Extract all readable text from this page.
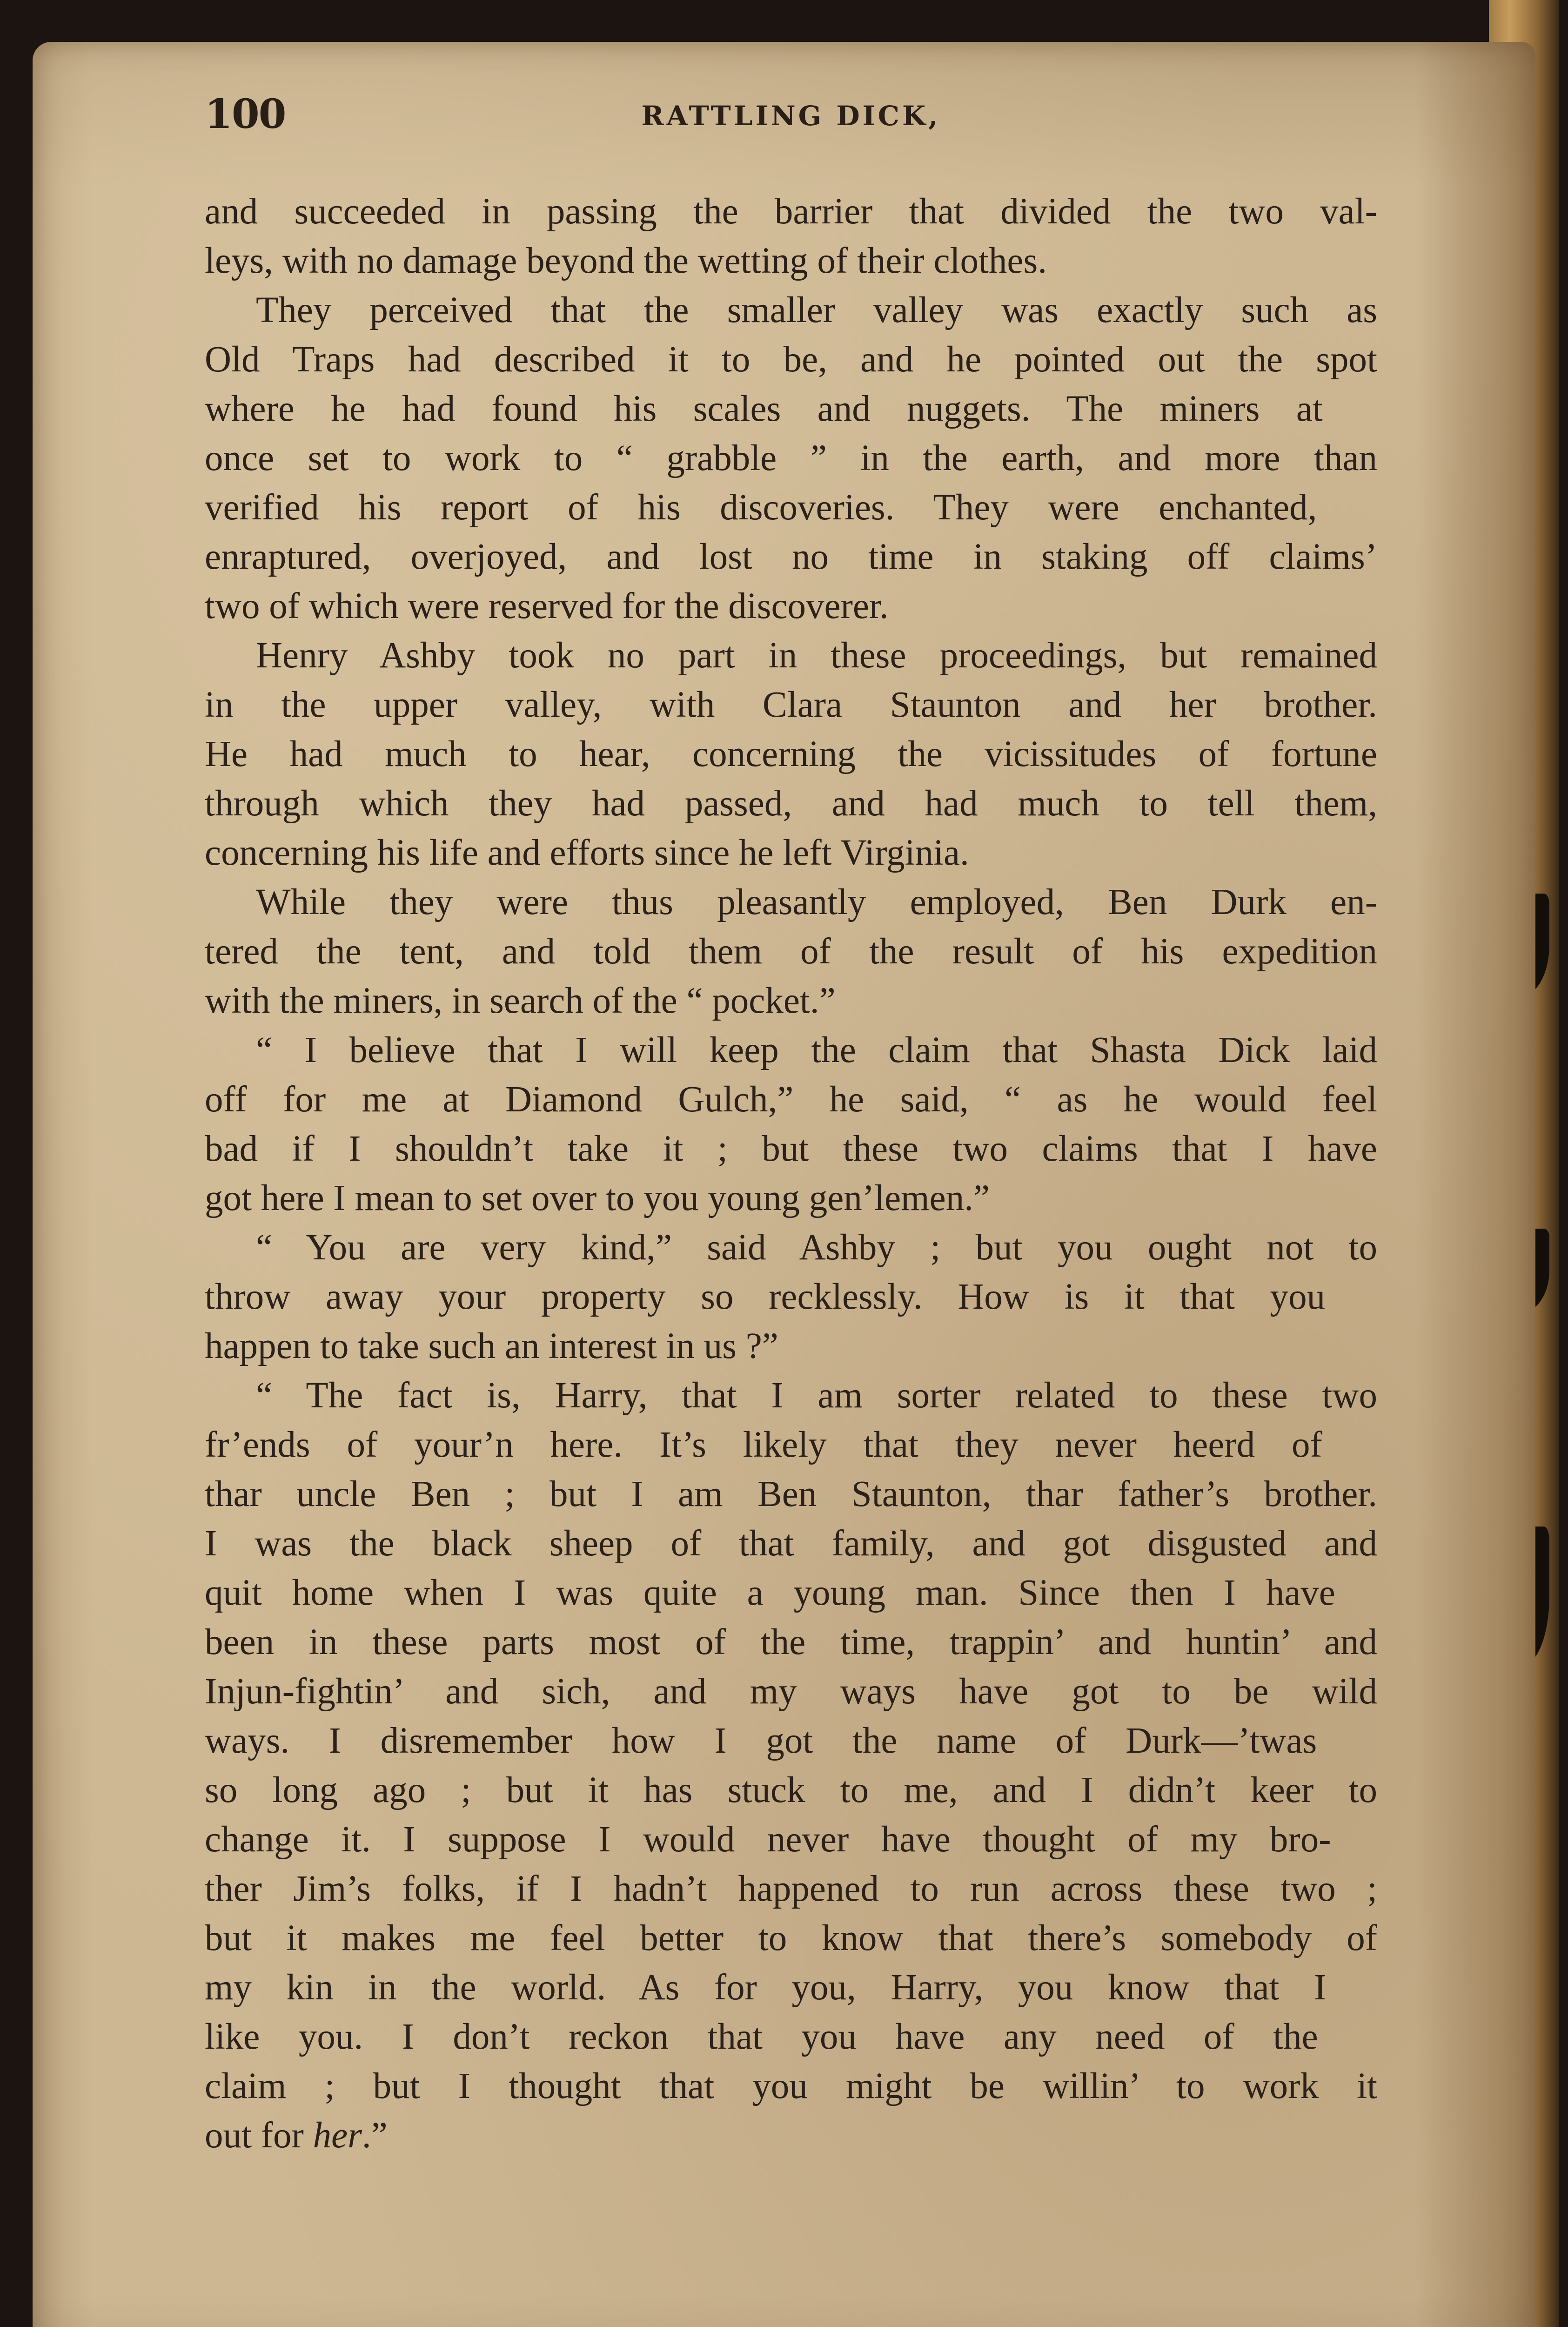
100	RATTLING DICK,
and succeeded in passing the barrier that divided the two val-
leys, with no damage beyond the wetting of their clothes.
They perceived that the smaller valley was exactly such as
Old Traps had described it to be, and he pointed out the spot
where he had found his scales and nuggets. The miners at
once set to work to “ grabble ” in the earth, and more than
verified his report of his discoveries. They were enchanted,
enraptured, overjoyed, and lost no time in staking off claims’
two of which were reserved for the discoverer.
Henry Ashby took no part in these proceedings, but remained
in the upper valley, with Clara Staunton and her brother.
He had much to hear, concerning the vicissitudes of fortune
through which they had passed, and had much to tell them,
concerning his life and efforts since he left Virginia.
While they were thus pleasantly employed, Ben Durk en-
tered the tent, and told them of the result of his expedition
with the miners, in search of the “ pocket.”
“ I believe that I will keep the claim that Shasta Dick laid
off for me at Diamond Gulch,” he said, “ as he would feel
bad if I shouldn’t take it ; but these two claims that I have
got here I mean to set over to you young gen’lemen.”
“ You are very kind,” said Ashby ; but you ought not to
throw away your property so recklessly. How is it that you
happen to take such an interest in us ?”
“ The fact is, Harry, that I am sorter related to these two
fr’ends of your’n here. It’s likely that they never heerd of
thar uncle Ben ; but I am Ben Staunton, thar father’s brother.
I was the black sheep of that family, and got disgusted and
quit home when I was quite a young man. Since then I have
been in these parts most of the time, trappin’ and huntin’ and
Injun-fightin’ and sich, and my ways have got to be wild
ways. I disremember how I got the name of Durk—’twas
so long ago ; but it has stuck to me, and I didn’t keer to
change it. I suppose I would never have thought of my bro-
ther Jim’s folks, if I hadn’t happened to run across these two ;
but it makes me feel better to know that there’s somebody of
my kin in the world. As for you, Harry, you know that I
like you. I don’t reckon that you have any need of the
claim ; but I thought that you might be willin’ to work it
out for her.”
